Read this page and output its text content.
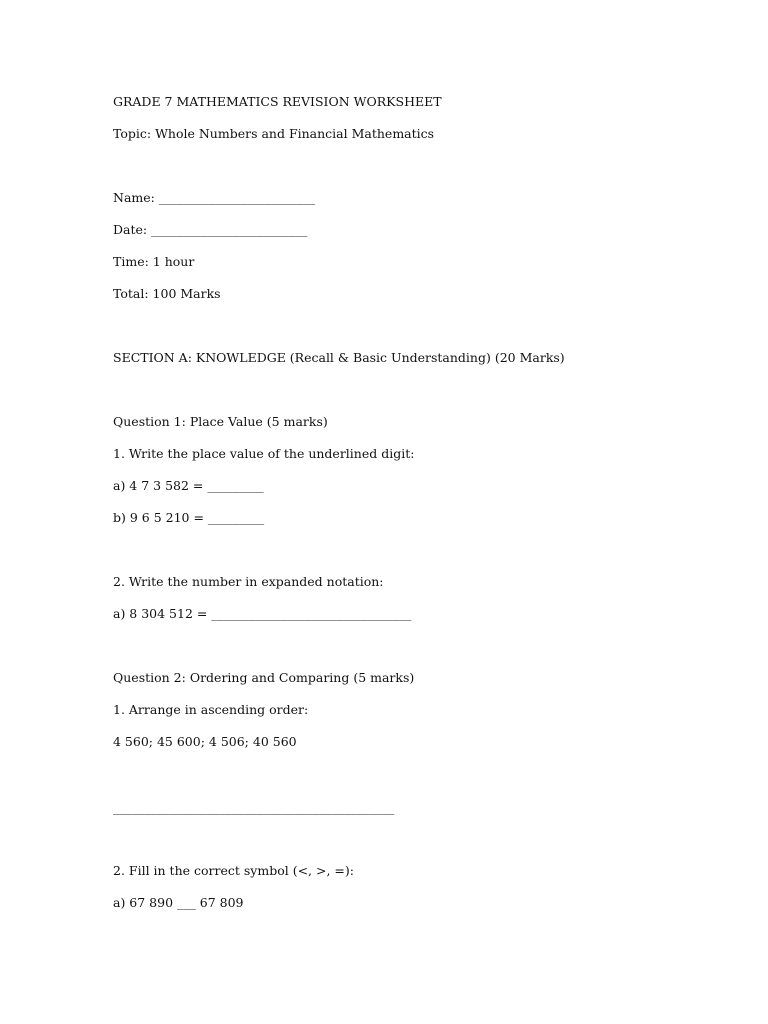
GRADE 7 MATHEMATICS REVISION WORKSHEET
Topic: Whole Numbers and Financial Mathematics
Name: _________________________
Date: _________________________
Time: 1 hour
Total: 100 Marks
SECTION A: KNOWLEDGE (Recall & Basic Understanding) (20 Marks)
Question 1: Place Value (5 marks)
1. Write the place value of the underlined digit:
a) 4 7 3 582 = _________
b) 9 6 5 210 = _________
2. Write the number in expanded notation:
a) 8 304 512 = ________________________________
Question 2: Ordering and Comparing (5 marks)
1. Arrange in ascending order:
4 560; 45 600; 4 506; 40 560
_____________________________________________
2. Fill in the correct symbol (<, >, =):
a) 67 890 ___ 67 809
